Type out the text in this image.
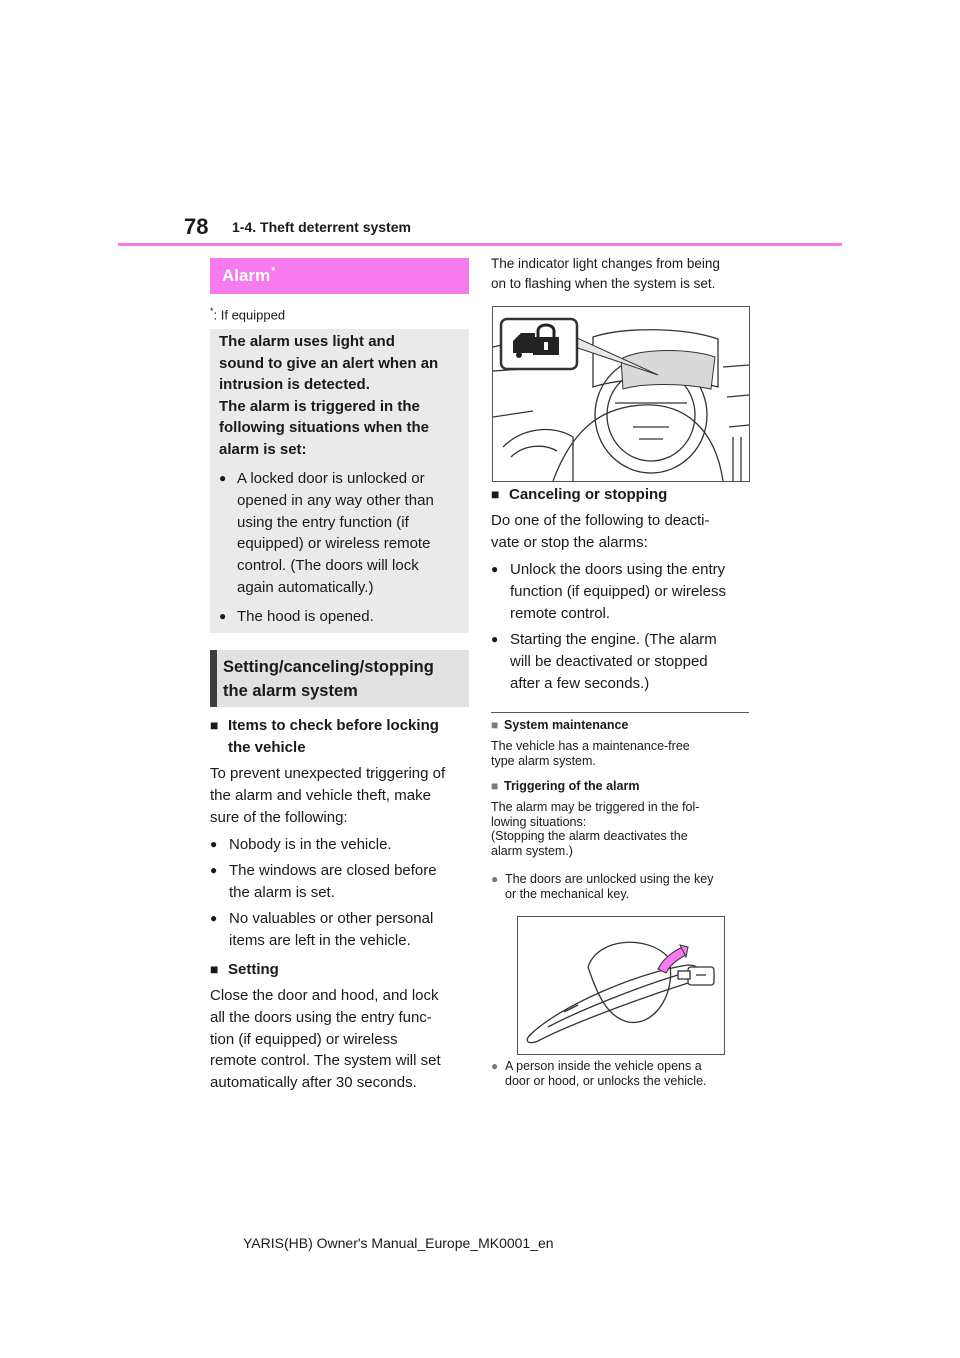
78 1-4. Theft deterrent system
Alarm*
*: If equipped
The alarm uses light and
sound to give an alert when an
intrusion is detected.
The alarm is triggered in the
following situations when the
alarm is set:
● A locked door is unlocked or
opened in any way other than
using the entry function (if
equipped) or wireless remote
control. (The doors will lock
again automatically.)
● The hood is opened.
Setting/canceling/stopping
the alarm system
■ Items to check before locking
the vehicle
To prevent unexpected triggering of
the alarm and vehicle theft, make
sure of the following:
● Nobody is in the vehicle.
● The windows are closed before
the alarm is set.
● No valuables or other personal
items are left in the vehicle.
■ Setting
Close the door and hood, and lock
all the doors using the entry func-
tion (if equipped) or wireless
remote control. The system will set
automatically after 30 seconds.
The indicator light changes from being
on to flashing when the system is set.
■ Canceling or stopping
Do one of the following to deacti-
vate or stop the alarms:
● Unlock the doors using the entry
function (if equipped) or wireless
remote control.
● Starting the engine. (The alarm
will be deactivated or stopped
after a few seconds.)
■ System maintenance
The vehicle has a maintenance-free
type alarm system.
■ Triggering of the alarm
The alarm may be triggered in the fol-
lowing situations:
(Stopping the alarm deactivates the
alarm system.)
● The doors are unlocked using the key
or the mechanical key.
● A person inside the vehicle opens a
door or hood, or unlocks the vehicle.
YARIS(HB) Owner's Manual_Europe_MK0001_en
